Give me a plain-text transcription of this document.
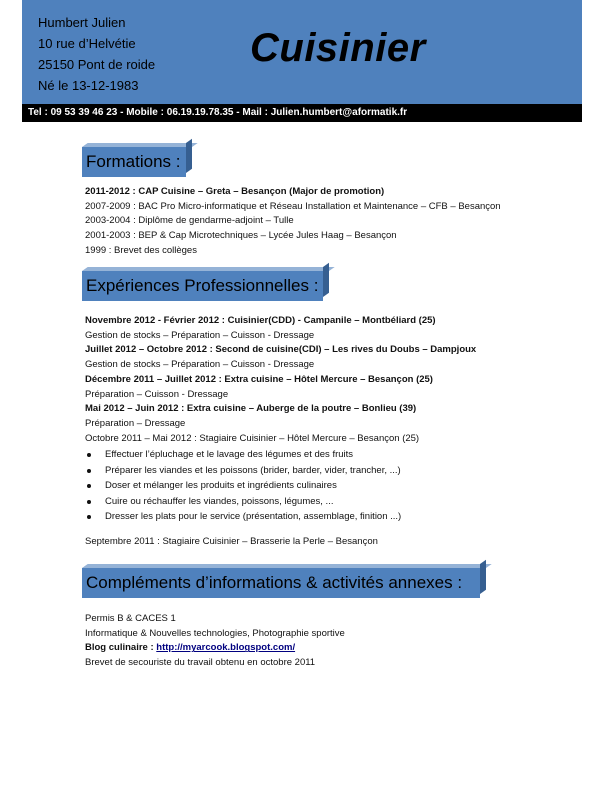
Humbert Julien
10 rue d’Helvétie
25150 Pont de roide
Né le 13-12-1983
Cuisinier
Tel : 09 53 39 46 23 - Mobile : 06.19.19.78.35 - Mail : Julien.humbert@aformatik.fr
Formations :
2011-2012 : CAP Cuisine – Greta – Besançon (Major de promotion)
2007-2009 : BAC Pro Micro-informatique et Réseau Installation et Maintenance – CFB – Besançon
2003-2004 : Diplôme de gendarme-adjoint – Tulle
2001-2003 : BEP & Cap Microtechniques – Lycée Jules Haag – Besançon
1999 : Brevet des collèges
Expériences Professionnelles :
Novembre 2012 - Février 2012 : Cuisinier(CDD) - Campanile – Montbéliard (25)
Gestion de stocks – Préparation – Cuisson - Dressage
Juillet 2012 – Octobre 2012 : Second de cuisine(CDI) – Les rives du Doubs – Dampjoux
Gestion de stocks – Préparation – Cuisson - Dressage
Décembre 2011 – Juillet 2012 : Extra cuisine – Hôtel Mercure – Besançon (25)
Préparation – Cuisson - Dressage
Mai 2012 – Juin 2012 : Extra cuisine – Auberge de la poutre – Bonlieu (39)
Préparation – Dressage
Octobre 2011 – Mai 2012 : Stagiaire Cuisinier – Hôtel Mercure – Besançon (25)
Effectuer l’épluchage et le lavage des légumes et des fruits
Préparer les viandes et les poissons (brider, barder, vider, trancher, ...)
Doser et mélanger les produits et ingrédients culinaires
Cuire ou réchauffer les viandes, poissons, légumes, ...
Dresser les plats pour le service (présentation, assemblage, finition ...)
Septembre 2011 : Stagiaire Cuisinier – Brasserie la Perle – Besançon
Compléments d’informations & activités annexes :
Permis B & CACES 1
Informatique & Nouvelles technologies, Photographie sportive
Blog culinaire : http://myarcook.blogspot.com/
Brevet de secouriste du travail obtenu en octobre 2011
